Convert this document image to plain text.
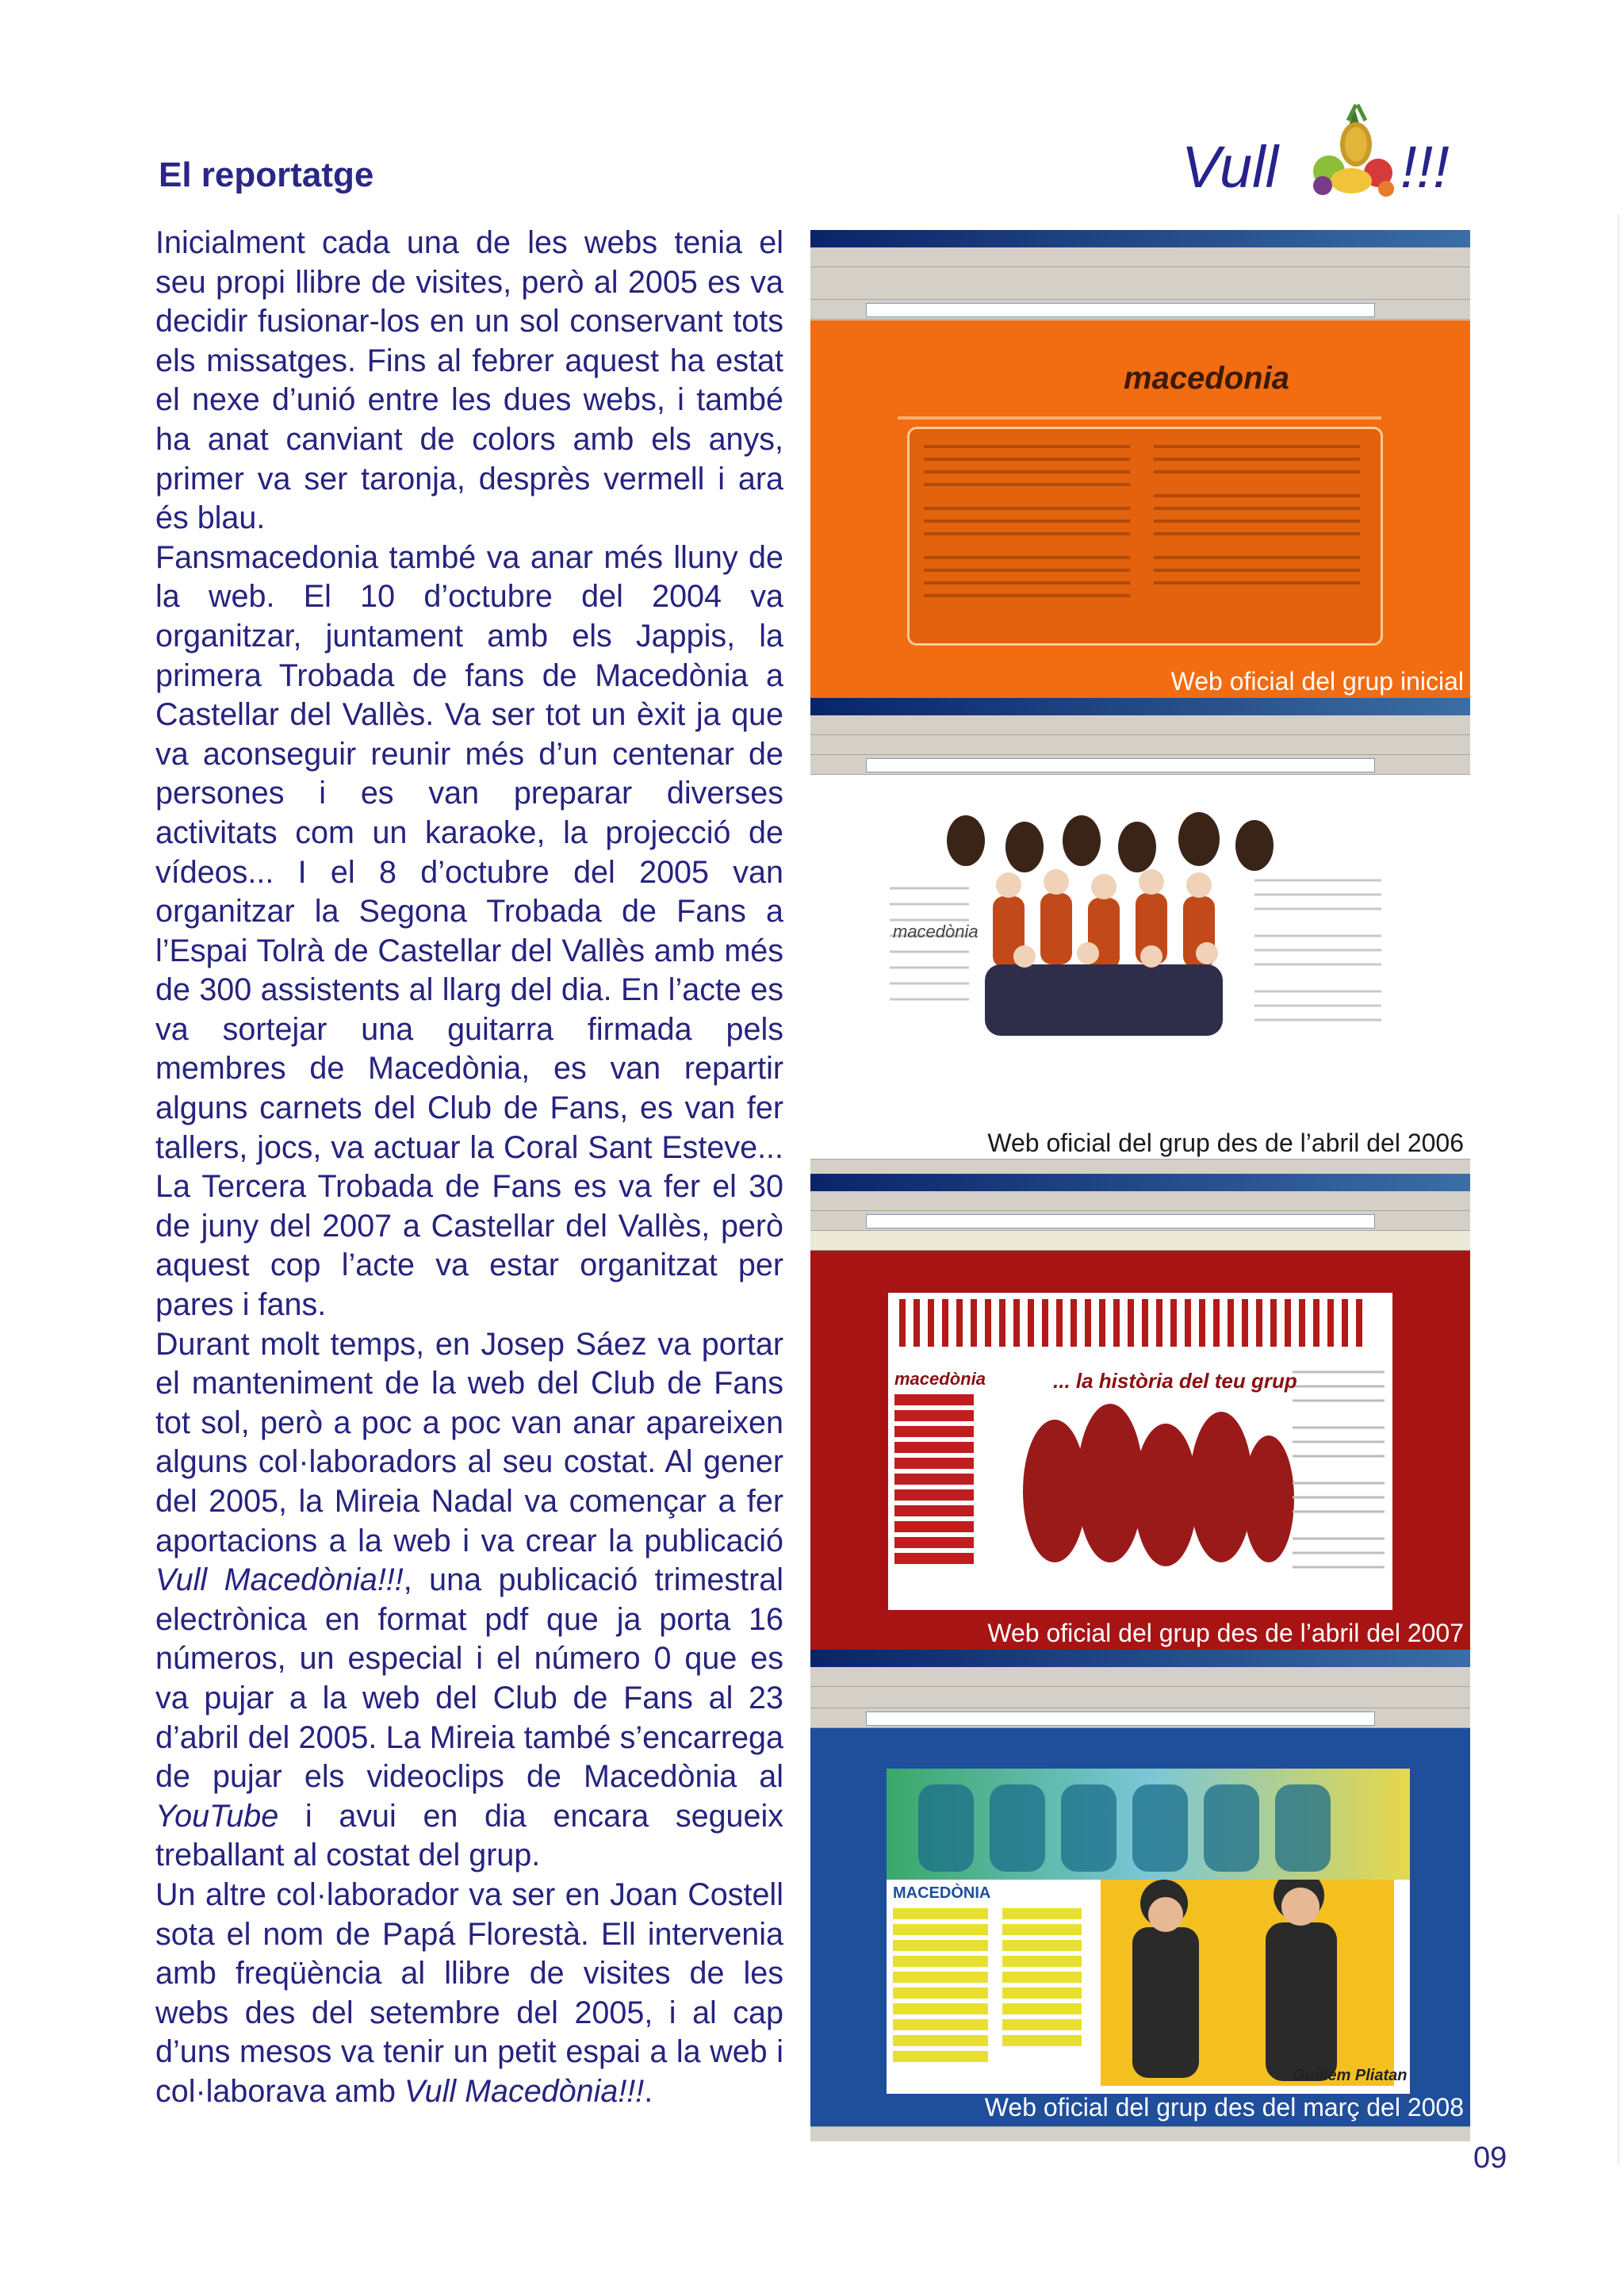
El reportatge	Vull !!!

Inicialment cada una de les webs tenia el seu propi llibre de visites, però al 2005 es va decidir fusionar-los en un sol conservant tots els missatges. Fins al febrer aquest ha estat el nexe d’unió entre les dues webs, i també ha anat canviant de colors amb els anys, primer va ser taronja, desprès vermell i ara és blau.

Fansmacedonia també va anar més lluny de la web. El 10 d’octubre del 2004 va organitzar, juntament amb els Jappis, la primera Trobada de fans de Macedònia a Castellar del Vallès. Va ser tot un èxit ja que va aconseguir reunir més d’un centenar de persones i es van preparar diverses activitats com un karaoke, la projecció de vídeos... I el 8 d’octubre del 2005 van organitzar la Segona Trobada de Fans a l’Espai Tolrà de Castellar del Vallès amb més de 300 assistents al llarg del dia. En l’acte es va sortejar una guitarra firmada pels membres de Macedònia, es van repartir alguns carnets del Club de Fans, es van fer tallers, jocs, va actuar la Coral Sant Esteve... La Tercera Trobada de Fans es va fer el 30 de juny del 2007 a Castellar del Vallès, però aquest cop l’acte va estar organitzat per pares i fans.

Durant molt temps, en Josep Sáez va portar el manteniment de la web del Club de Fans tot sol, però a poc a poc van anar apareixen alguns col·laboradors al seu costat. Al gener del 2005, la Mireia Nadal va començar a fer aportacions a la web i va crear la publicació Vull Macedònia!!!, una publicació trimestral electrònica en format pdf que ja porta 16 números, un especial i el número 0 que es va pujar a la web del Club de Fans al 23 d’abril del 2005. La Mireia també s’encarrega de pujar els videoclips de Macedònia al YouTube i avui en dia encara segueix treballant al costat del grup.

Un altre col·laborador va ser en Joan Costell sota el nom de Papá Florestà. Ell intervenia amb freqüència al llibre de visites de les webs des del setembre del 2005, i al cap d’uns mesos va tenir un petit espai a la web i col·laborava amb Vull Macedònia!!!.

macedonia
Web oficial del grup inicial
macedònia
Web oficial del grup des de l’abril del 2006
macedònia	... la història del teu grup
Web oficial del grup des de l’abril del 2007
MACEDÒNIA
Guillem Pliatan
Web oficial del grup des del març del 2008
09
